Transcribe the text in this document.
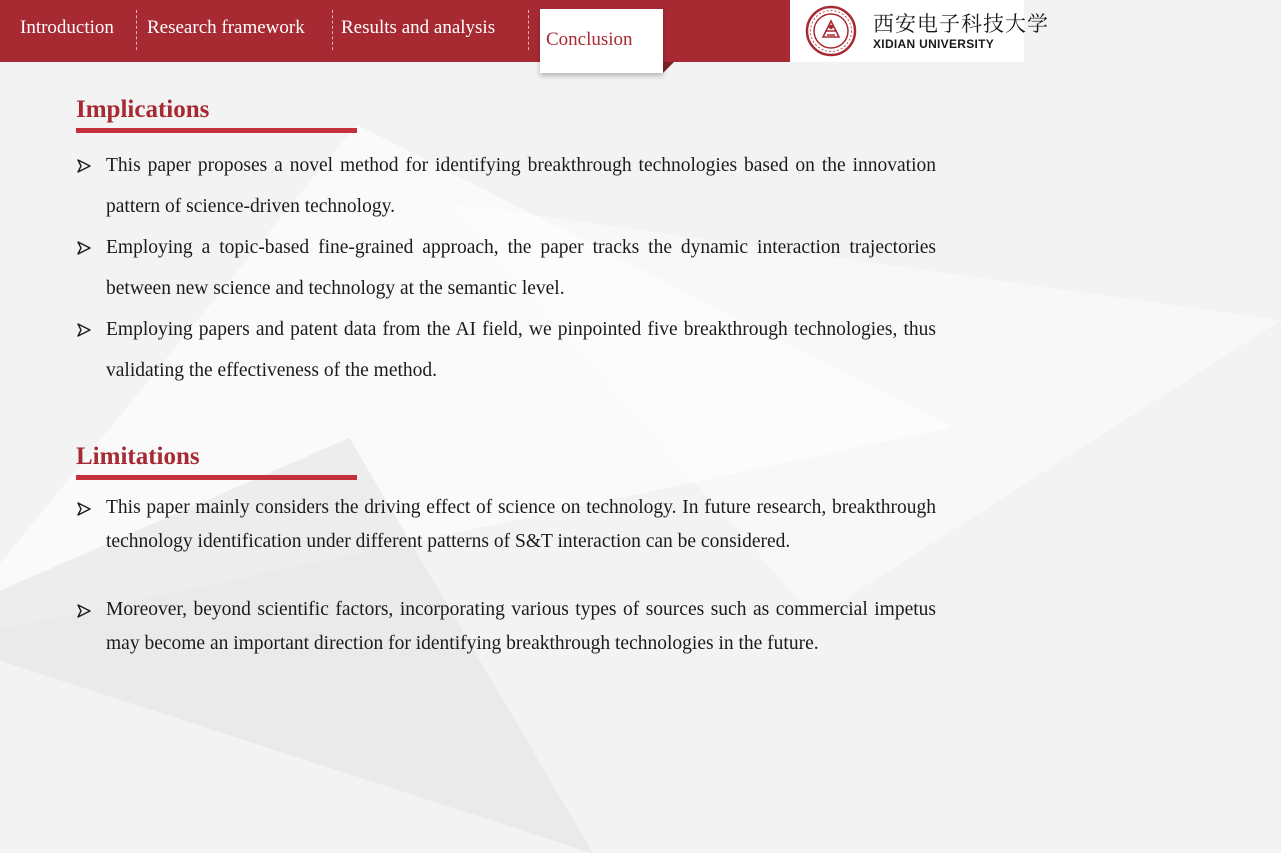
Introduction Research framework Results and analysis
Conclusion
西安电子科技大学
XIDIAN UNIVERSITY
Implications
This paper proposes a novel method for identifying breakthrough technologies based on the innovation pattern of science-driven technology.
Employing a topic-based fine-grained approach, the paper tracks the dynamic interaction trajectories between new science and technology at the semantic level.
Employing papers and patent data from the AI field, we pinpointed five breakthrough technologies, thus validating the effectiveness of the method.
Limitations
This paper mainly considers the driving effect of science on technology. In future research, breakthrough technology identification under different patterns of S&T interaction can be considered.
Moreover, beyond scientific factors, incorporating various types of sources such as commercial impetus may become an important direction for identifying breakthrough technologies in the future.
